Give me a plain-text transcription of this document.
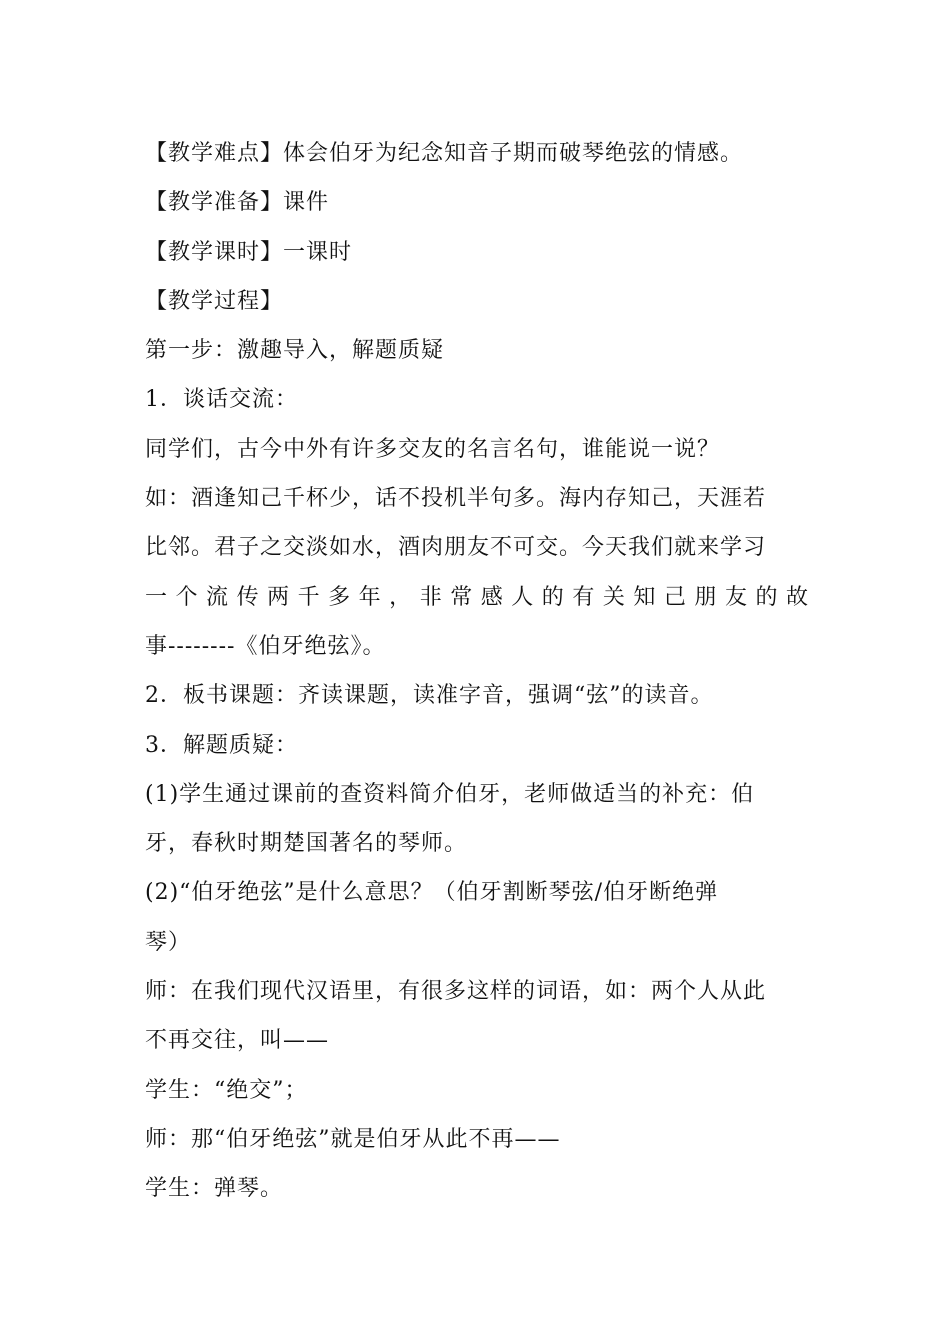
【教学难点】体会伯牙为纪念知音子期而破琴绝弦的情感。
【教学准备】课件
【教学课时】一课时
【教学过程】
第一步：激趣导入，解题质疑
1．谈话交流：
同学们，古今中外有许多交友的名言名句，谁能说一说？
如：酒逢知己千杯少，话不投机半句多。海内存知己，天涯若
比邻。君子之交淡如水，酒肉朋友不可交。今天我们就来学习
一个流传两千多年，非常感人的有关知己朋友的故
事--------《伯牙绝弦》。
2．板书课题：齐读课题，读准字音，强调“弦”的读音。
3．解题质疑：
(1)学生通过课前的查资料简介伯牙，老师做适当的补充：伯
牙，春秋时期楚国著名的琴师。
(2)“伯牙绝弦”是什么意思？（伯牙割断琴弦/伯牙断绝弹
琴）
师：在我们现代汉语里，有很多这样的词语，如：两个人从此
不再交往，叫——
学生：“绝交”；
师：那“伯牙绝弦”就是伯牙从此不再——
学生：弹琴。
